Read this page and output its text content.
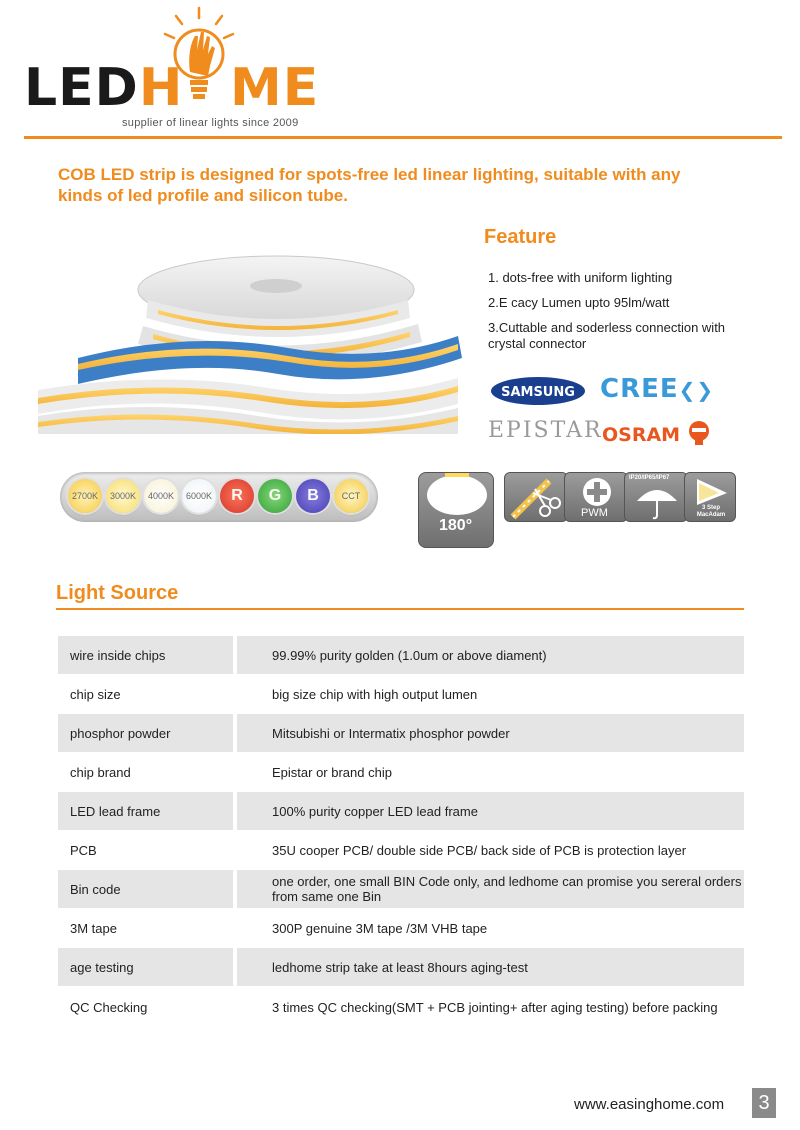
LEDH ME
supplier of linear lights since 2009
COB LED strip is designed for spots-free led linear lighting, suitable with any kinds of led profile and silicon tube.
Feature
1. dots-free with uniform lighting
2.E cacy Lumen upto 95lm/watt
3.Cuttable and soderless connection with crystal connector
SAMSUNG CREE❮❯
EPISTAR OSRAM
2700K	3000K	4000K	6000K	R	G	B	CCT
180°
PWM
IP20/IP65/IP67
3 Step MacAdam
Light Source
wire inside chips	99.99% purity golden (1.0um or above diament)
chip size	big size chip with high output lumen
phosphor powder	Mitsubishi or Intermatix phosphor powder
chip brand	Epistar or brand chip
LED lead frame	100% purity copper LED lead frame
PCB	35U cooper PCB/ double side PCB/ back side of PCB is protection layer
Bin code	one order, one small BIN Code only, and ledhome can promise you sereral orders from same one Bin
3M tape	300P genuine 3M tape /3M VHB tape
age testing	ledhome strip take at least 8hours aging-test
QC Checking	3 times QC checking(SMT + PCB jointing+ after aging testing) before packing
www.easinghome.com	3
